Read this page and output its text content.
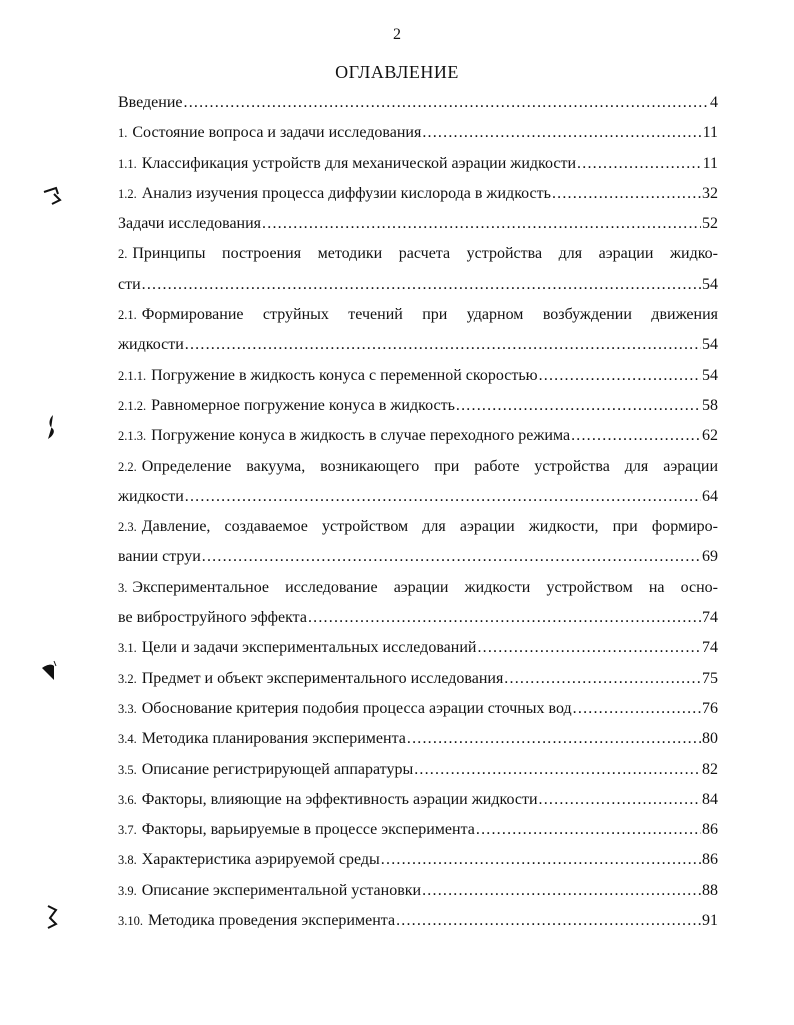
2
ОГЛАВЛЕНИЕ
Введение .....	4
1. Состояние вопроса и задачи исследования .....	11
1.1. Классификация устройств для механической аэрации жидкости .....	11
1.2. Анализ изучения процесса диффузии кислорода в жидкость .....	32
Задачи исследования .....	52
2. Принципы построения методики расчета устройства для аэрации жидко-
сти .....	54
2.1. Формирование струйных течений при ударном возбуждении движения
жидкости .....	54
2.1.1. Погружение в жидкость конуса с переменной скоростью .....	54
2.1.2. Равномерное погружение конуса в жидкость .....	58
2.1.3. Погружение конуса в жидкость в случае переходного режима .....	62
2.2. Определение вакуума, возникающего при работе устройства для аэрации
жидкости .....	64
2.3. Давление, создаваемое устройством для аэрации жидкости, при формиро-
вании струи .....	69
3. Экспериментальное исследование аэрации жидкости устройством на осно-
ве виброструйного эффекта .....	74
3.1. Цели и задачи экспериментальных исследований .....	74
3.2. Предмет и объект экспериментального исследования .....	75
3.3. Обоснование критерия подобия процесса аэрации сточных вод .....	76
3.4. Методика планирования эксперимента .....	80
3.5. Описание регистрирующей аппаратуры .....	82
3.6. Факторы, влияющие на эффективность аэрации жидкости .....	84
3.7. Факторы, варьируемые в процессе эксперимента .....	86
3.8. Характеристика аэрируемой среды .....	86
3.9. Описание экспериментальной установки .....	88
3.10. Методика проведения эксперимента .....	91
